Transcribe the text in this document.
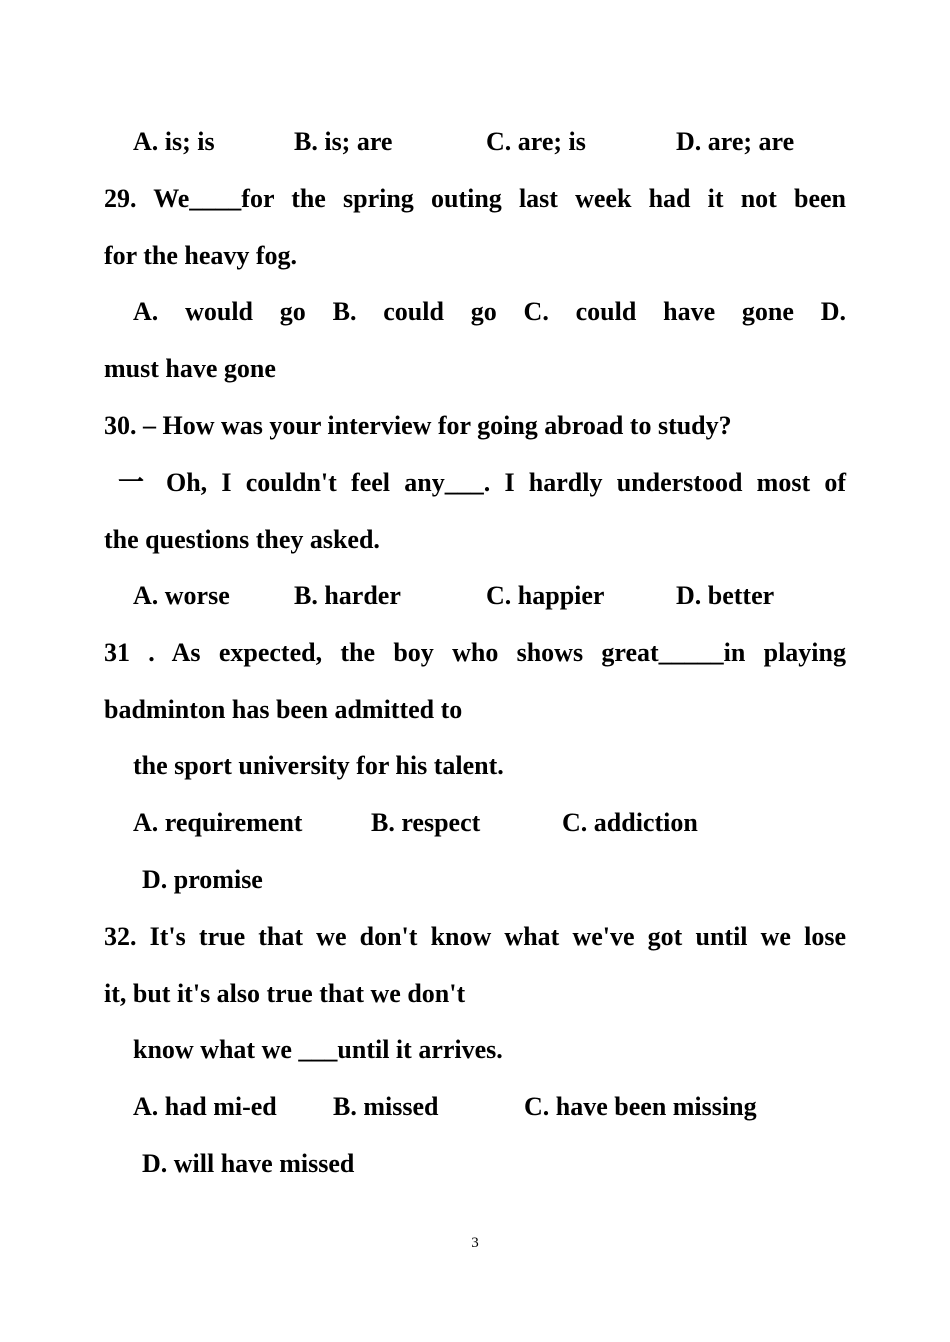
A. is; is	B. is; are	C. are; is	D. are; are
29. We____for the spring outing last week had it not been
for the heavy fog.
A. would go B. could go C. could have gone D.
must have gone
30. – How was your interview for going abroad to study?
一 Oh, I couldn't feel any___. I hardly understood most of
the questions they asked.
A. worse B. harder	C. happier	D. better
31 . As expected, the boy who shows great_____in playing
badminton has been admitted to
the sport university for his talent.
A. requirement	B. respect	C. addiction
D. promise
32. It's true that we don't know what we've got until we lose
it, but it's also true that we don't
know what we ___until it arrives.
A. had mi-ed B. missed	C. have been missing
D. will have missed
3
